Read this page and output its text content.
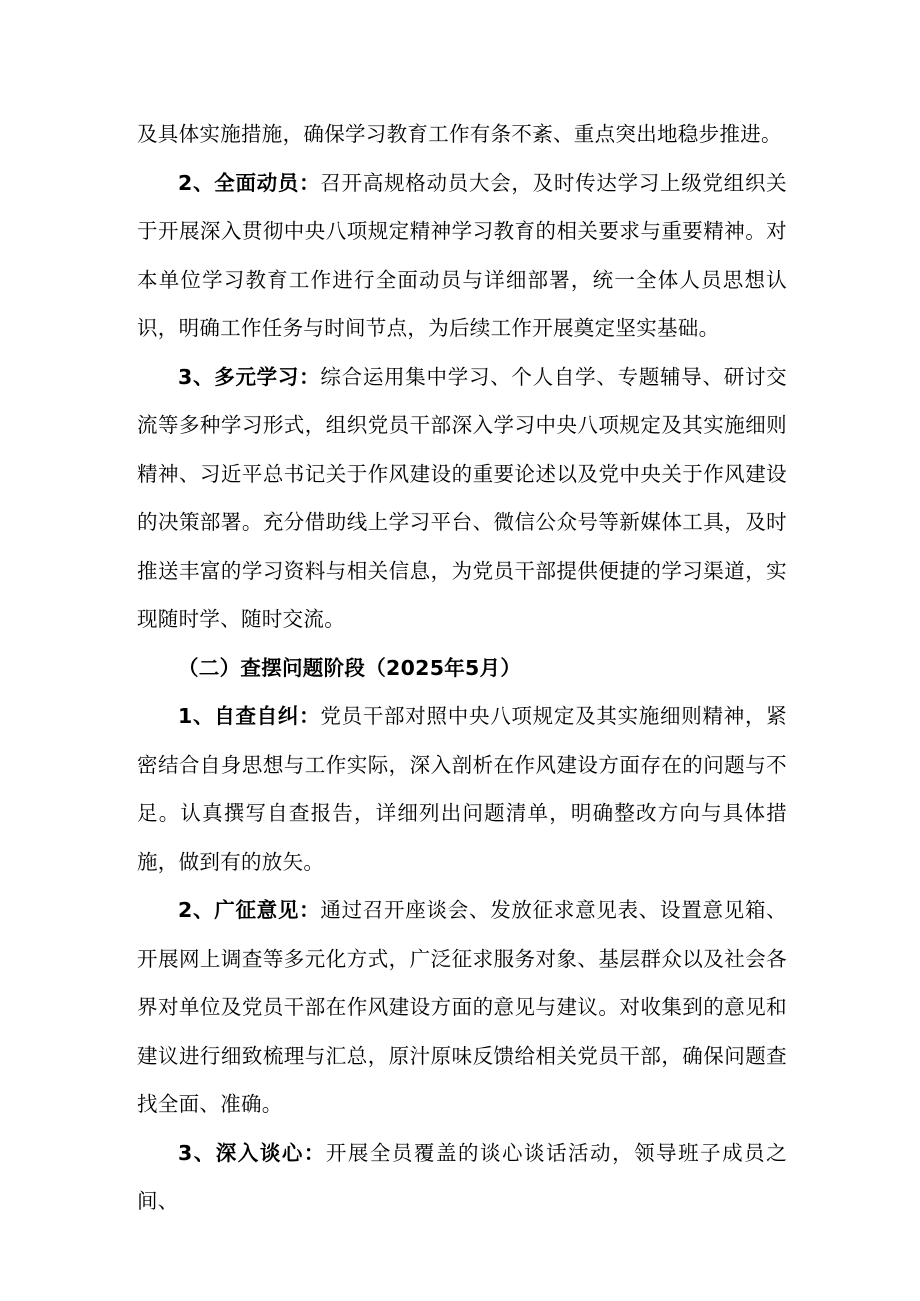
及具体实施措施，确保学习教育工作有条不紊、重点突出地稳步推进。

2、全面动员：召开高规格动员大会，及时传达学习上级党组织关于开展深入贯彻中央八项规定精神学习教育的相关要求与重要精神。对本单位学习教育工作进行全面动员与详细部署，统一全体人员思想认识，明确工作任务与时间节点，为后续工作开展奠定坚实基础。

3、多元学习：综合运用集中学习、个人自学、专题辅导、研讨交流等多种学习形式，组织党员干部深入学习中央八项规定及其实施细则精神、习近平总书记关于作风建设的重要论述以及党中央关于作风建设的决策部署。充分借助线上学习平台、微信公众号等新媒体工具，及时推送丰富的学习资料与相关信息，为党员干部提供便捷的学习渠道，实现随时学、随时交流。

（二）查摆问题阶段（2025年5月）

1、自查自纠：党员干部对照中央八项规定及其实施细则精神，紧密结合自身思想与工作实际，深入剖析在作风建设方面存在的问题与不足。认真撰写自查报告，详细列出问题清单，明确整改方向与具体措施，做到有的放矢。

2、广征意见：通过召开座谈会、发放征求意见表、设置意见箱、开展网上调查等多元化方式，广泛征求服务对象、基层群众以及社会各界对单位及党员干部在作风建设方面的意见与建议。对收集到的意见和建议进行细致梳理与汇总，原汁原味反馈给相关党员干部，确保问题查找全面、准确。

3、深入谈心：开展全员覆盖的谈心谈话活动，领导班子成员之间、
